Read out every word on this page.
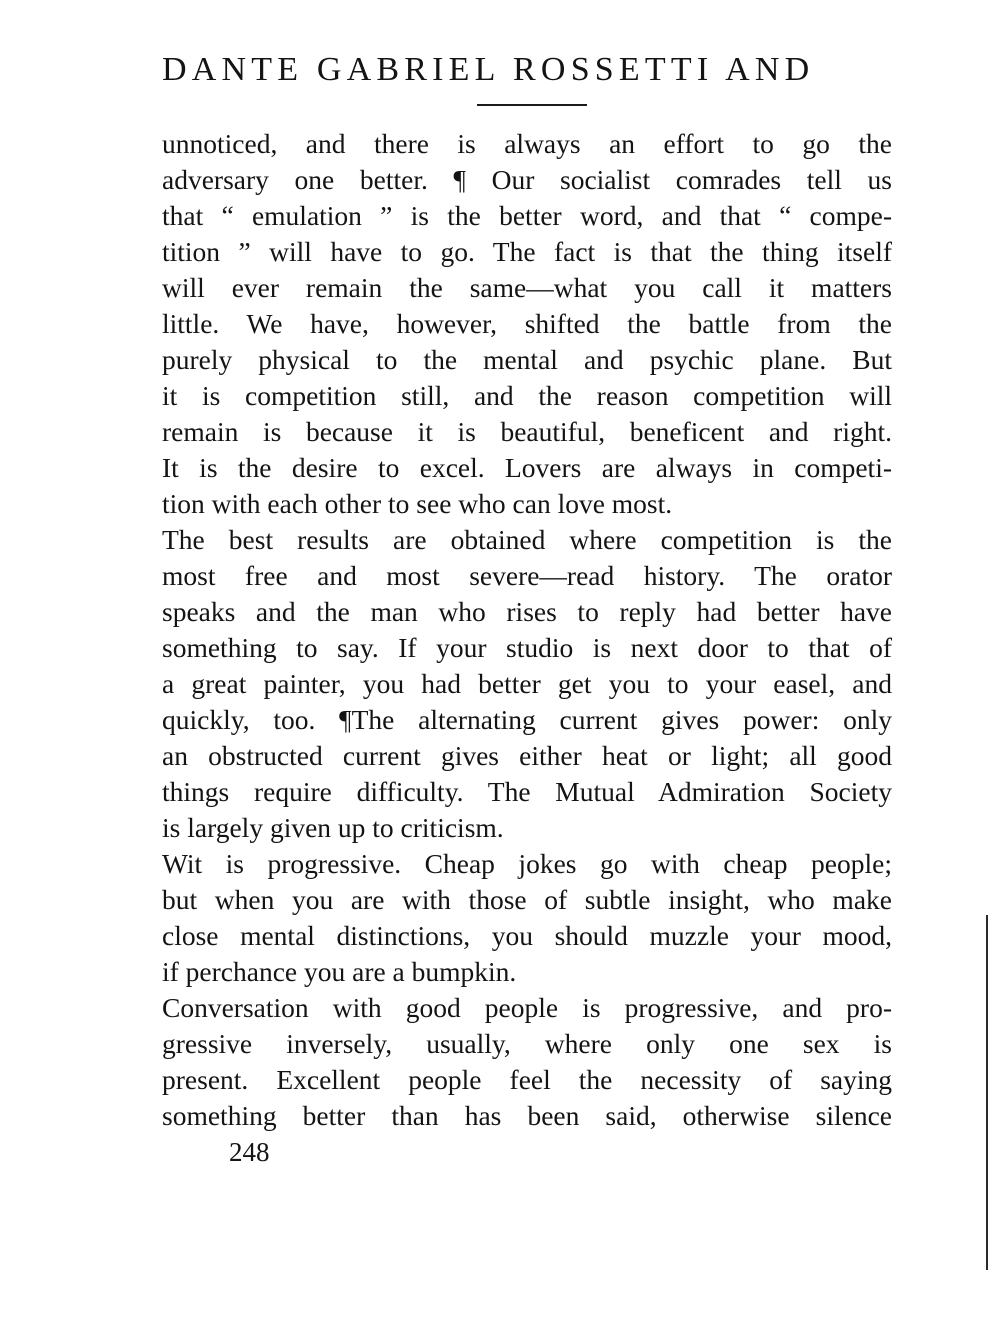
DANTE GABRIEL ROSSETTI AND
unnoticed, and there is always an effort to go the
adversary one better. ¶ Our socialist comrades tell us
that “ emulation ” is the better word, and that “ compe-
tition ” will have to go. The fact is that the thing itself
will ever remain the same—what you call it matters
little. We have, however, shifted the battle from the
purely physical to the mental and psychic plane. But
it is competition still, and the reason competition will
remain is because it is beautiful, beneficent and right.
It is the desire to excel. Lovers are always in competi-
tion with each other to see who can love most.
The best results are obtained where competition is the
most free and most severe—read history. The orator
speaks and the man who rises to reply had better have
something to say. If your studio is next door to that of
a great painter, you had better get you to your easel, and
quickly, too. ¶The alternating current gives power: only
an obstructed current gives either heat or light; all good
things require difficulty. The Mutual Admiration Society
is largely given up to criticism.
Wit is progressive. Cheap jokes go with cheap people;
but when you are with those of subtle insight, who make
close mental distinctions, you should muzzle your mood,
if perchance you are a bumpkin.
Conversation with good people is progressive, and pro-
gressive inversely, usually, where only one sex is
present. Excellent people feel the necessity of saying
something better than has been said, otherwise silence
248
